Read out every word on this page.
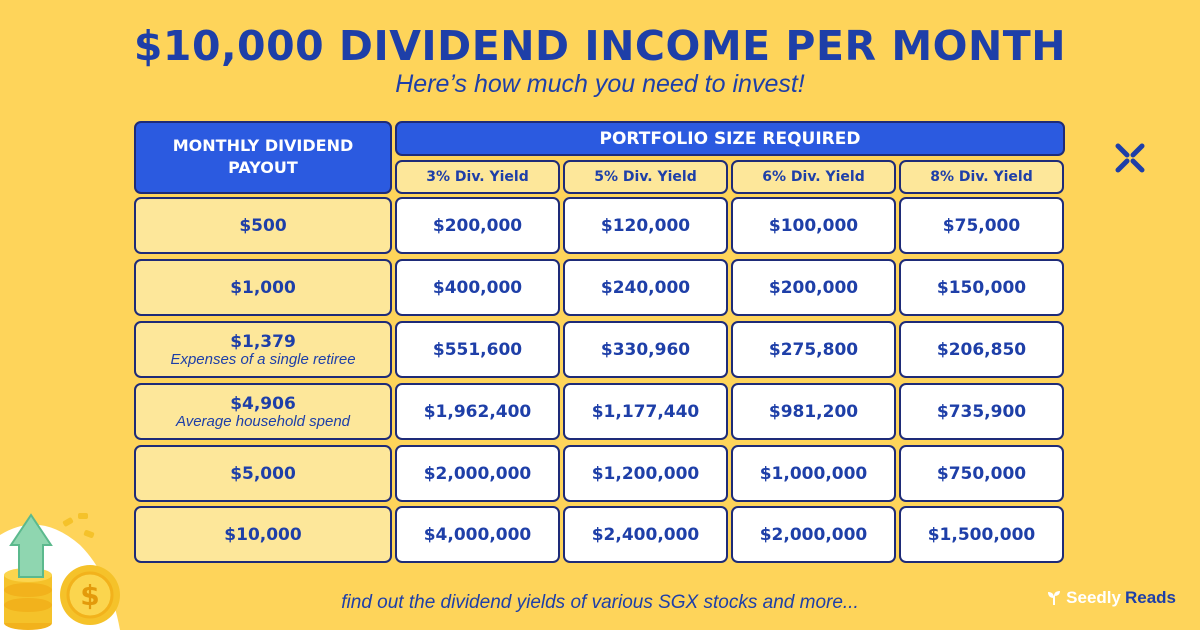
$10,000 DIVIDEND INCOME PER MONTH
Here’s how much you need to invest!
MONTHLY DIVIDEND PAYOUT
PORTFOLIO SIZE REQUIRED
3% Div. Yield	5% Div. Yield	6% Div. Yield	8% Div. Yield
$500	$200,000	$120,000	$100,000	$75,000
$1,000	$400,000	$240,000	$200,000	$150,000
$1,379
Expenses of a single retiree	$551,600	$330,960	$275,800	$206,850
$4,906
Average household spend	$1,962,400	$1,177,440	$981,200	$735,900
$5,000	$2,000,000	$1,200,000	$1,000,000	$750,000
$10,000	$4,000,000	$2,400,000	$2,000,000	$1,500,000
$	find out the dividend yields of various SGX stocks and more...	Seedly Reads
